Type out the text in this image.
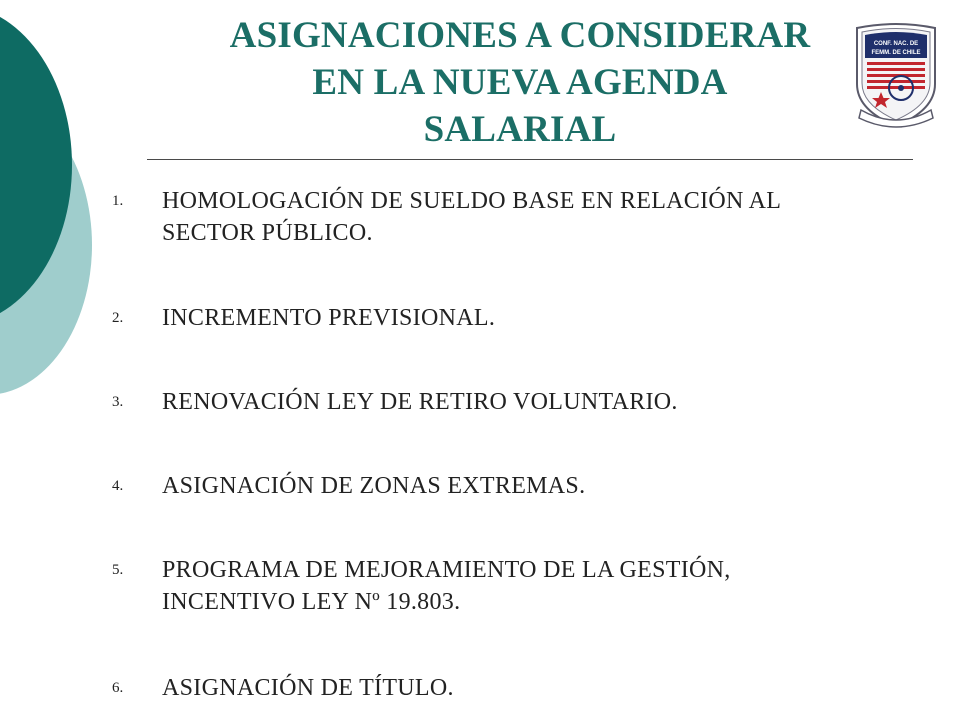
ASIGNACIONES A CONSIDERAR
EN LA NUEVA AGENDA
SALARIAL
CONF. NAC. DE
FEMM. DE CHILE
1.	HOMOLOGACIÓN DE SUELDO BASE EN RELACIÓN AL
SECTOR PÚBLICO.
2.	INCREMENTO PREVISIONAL.
3.	RENOVACIÓN LEY DE RETIRO VOLUNTARIO.
4.	ASIGNACIÓN DE ZONAS EXTREMAS.
5.	PROGRAMA DE MEJORAMIENTO DE LA GESTIÓN,
INCENTIVO LEY Nº 19.803.
6.	ASIGNACIÓN DE TÍTULO.
